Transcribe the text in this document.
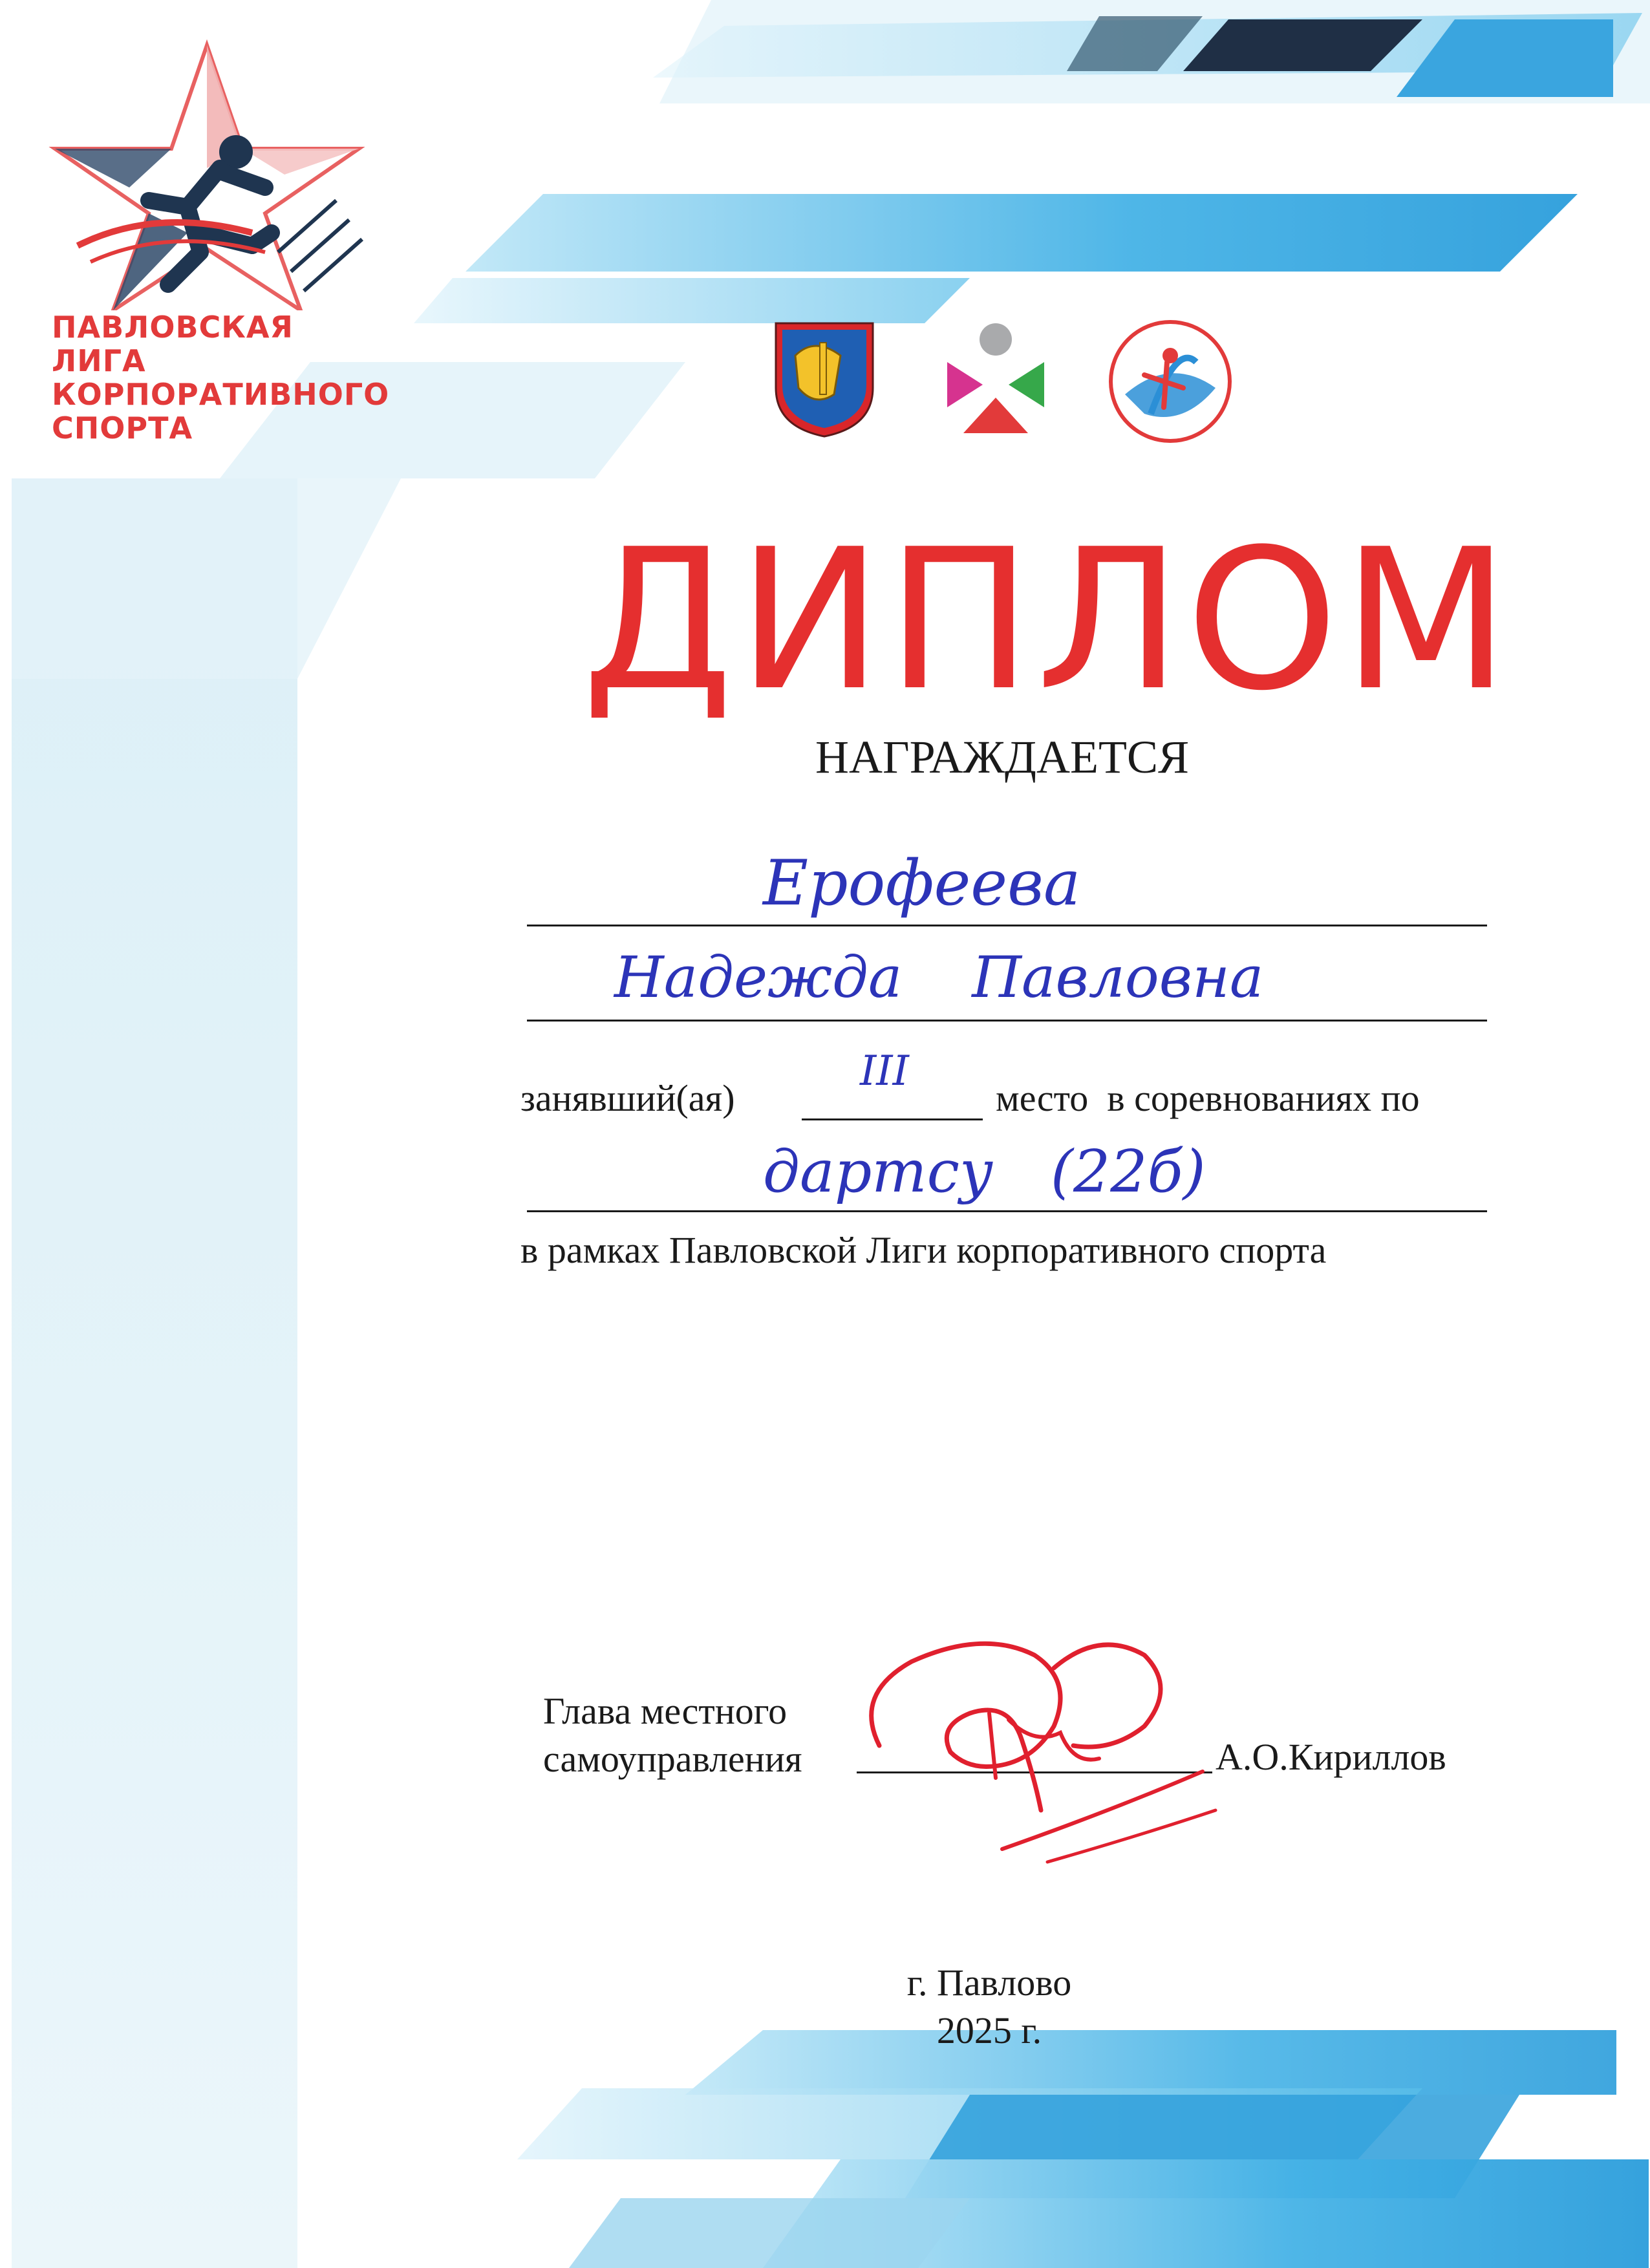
ПАВЛОВСКАЯ ЛИГА
КОРПОРАТИВНОГО
СПОРТА
ДИПЛОМ
НАГРАЖДАЕТСЯ
Ерофеева
Надежда Павловна
занявший(ая)
III
место  в соревнованиях по
дартсу (22б)
в рамках Павловской Лиги корпоративного спорта
Глава местного
самоуправления	А.О.Кириллов
г. Павлово
2025 г.
